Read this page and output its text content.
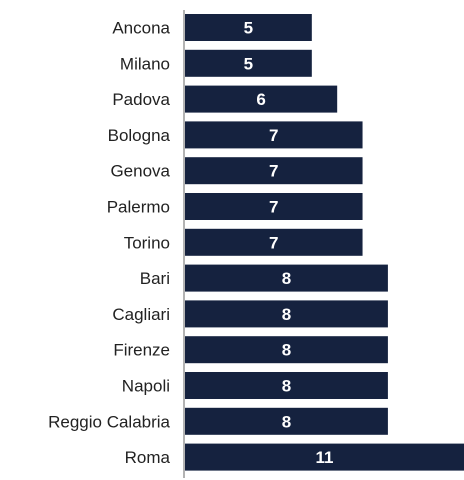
Ancona	5
Milano	5
Padova	6
Bologna	7
Genova	7
Palermo	7
Torino	7
Bari	8
Cagliari	8
Firenze	8
Napoli	8
Reggio Calabria	8
Roma	11
